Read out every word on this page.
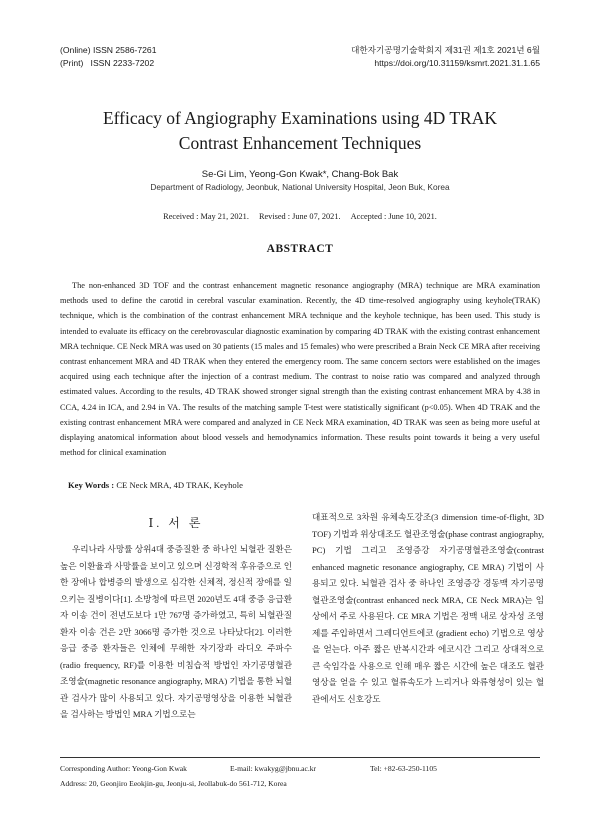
(Online) ISSN 2586-7261
(Print)   ISSN 2233-7202
대한자기공명기술학회지 제31권 제1호 2021년 6월
https://doi.org/10.31159/ksmrt.2021.31.1.65
Efficacy of Angiography Examinations using 4D TRAK
Contrast Enhancement Techniques
Se-Gi Lim, Yeong-Gon Kwak*, Chang-Bok Bak
Department of Radiology, Jeonbuk, National University Hospital, Jeon Buk, Korea
Received : May 21, 2021. Revised : June 07, 2021. Accepted : June 10, 2021.
ABSTRACT

The non-enhanced 3D TOF and the contrast enhancement magnetic resonance angiography (MRA) technique are MRA examination methods used to define the carotid in cerebral vascular examination. Recently, the 4D time-resolved angiography using keyhole(TRAK) technique, which is the combination of the contrast enhancement MRA technique and the keyhole technique, has been used. This study is intended to evaluate its efficacy on the cerebrovascular diagnostic examination by comparing 4D TRAK with the existing contrast enhancement MRA technique. CE Neck MRA was used on 30 patients (15 males and 15 females) who were prescribed a Brain Neck CE MRA after receiving contrast enhancement MRA and 4D TRAK when they entered the emergency room. The same concern sectors were established on the images acquired using each technique after the injection of a contrast medium. The contrast to noise ratio was compared and analyzed through estimated values. According to the results, 4D TRAK showed stronger signal strength than the existing contrast enhancement MRA by 4.38 in CCA, 4.24 in ICA, and 2.94 in VA. The results of the matching sample T-test were statistically significant (p<0.05). When 4D TRAK and the existing contrast enhancement MRA were compared and analyzed in CE Neck MRA examination, 4D TRAK was seen as being more useful at displaying anatomical information about blood vessels and hemodynamics information. These results point towards it being a very useful method for clinical examination

Key Words : CE Neck MRA, 4D TRAK, Keyhole
Ⅰ. 서 론

우리나라 사망률 상위4대 중증질환 중 하나인 뇌혈관 질환은 높은 이환율과 사망률을 보이고 있으며 신경학적 후유증으로 인한 장애나 합병증의 발생으로 심각한 신체적, 정신적 장애를 일으키는 질병이다[1]. 소방청에 따르면 2020년도 4대 중증 응급환자 이송 건이 전년도보다 1만 767명 증가하였고, 특히 뇌혈관질환자 이송 건은 2만 3066명 증가한 것으로 나타났다[2]. 이러한 응급 중증 환자들은 인체에 무해한 자기장과 라디오 주파수(radio frequency, RF)를 이용한 비침습적 방법인 자기공명혈관조영술(magnetic resonance angiography, MRA) 기법을 통한 뇌혈관 검사가 많이 사용되고 있다. 자기공명영상을 이용한 뇌혈관을 검사하는 방법인 MRA 기법으로는

대표적으로 3차원 유체속도강조(3 dimension time-of-flight, 3D TOF) 기법과 위상대조도 혈관조영술(phase contrast angiography, PC) 기법 그리고 조영증강 자기공명혈관조영술(contrast enhanced magnetic resonance angiography, CE MRA) 기법이 사용되고 있다. 뇌혈관 검사 중 하나인 조영증강 경동맥 자기공명혈관조영술(contrast enhanced neck MRA, CE Neck MRA)는 임상에서 주로 사용된다. CE MRA 기법은 정맥 내로 상자성 조영제를 주입하면서 그레디언트에코 (gradient echo) 기법으로 영상을 얻는다. 아주 짧은 반복시간과 에코시간 그리고 상대적으로 큰 숙임각을 사용으로 인해 매우 짧은 시간에 높은 대조도 혈관 영상을 얻을 수 있고 혈류속도가 느리거나 와류형성이 있는 혈관에서도 신호강도

Corresponding Author: Yeong-Gon Kwak	E-mail: kwakyg@jbnu.ac.kr	Tel: +82-63-250-1105
Address: 20, Geonjiro Eeokjin-gu, Jeonju-si, Jeollabuk-do 561-712, Korea
